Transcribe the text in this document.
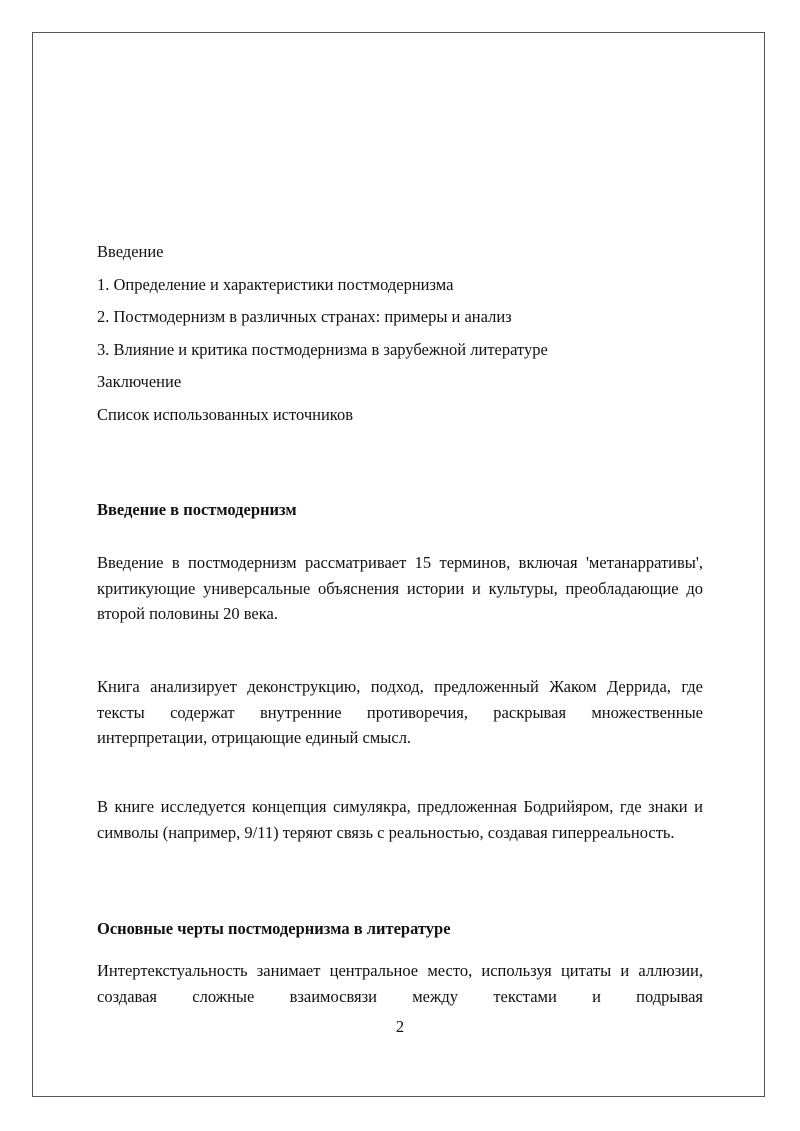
Введение
1. Определение и характеристики постмодернизма
2. Постмодернизм в различных странах: примеры и анализ
3. Влияние и критика постмодернизма в зарубежной литературе
Заключение
Список использованных источников

Введение в постмодернизм

Введение в постмодернизм рассматривает 15 терминов, включая 'метанарративы', критикующие универсальные объяснения истории и культуры, преобладающие до второй половины 20 века.

Книга анализирует деконструкцию, подход, предложенный Жаком Деррида, где тексты содержат внутренние противоречия, раскрывая множественные интерпретации, отрицающие единый смысл.

В книге исследуется концепция симулякра, предложенная Бодрийяром, где знаки и символы (например, 9/11) теряют связь с реальностью, создавая гиперреальность.

Основные черты постмодернизма в литературе

Интертекстуальность занимает центральное место, используя цитаты и аллюзии, создавая сложные взаимосвязи между текстами и подрывая

2
